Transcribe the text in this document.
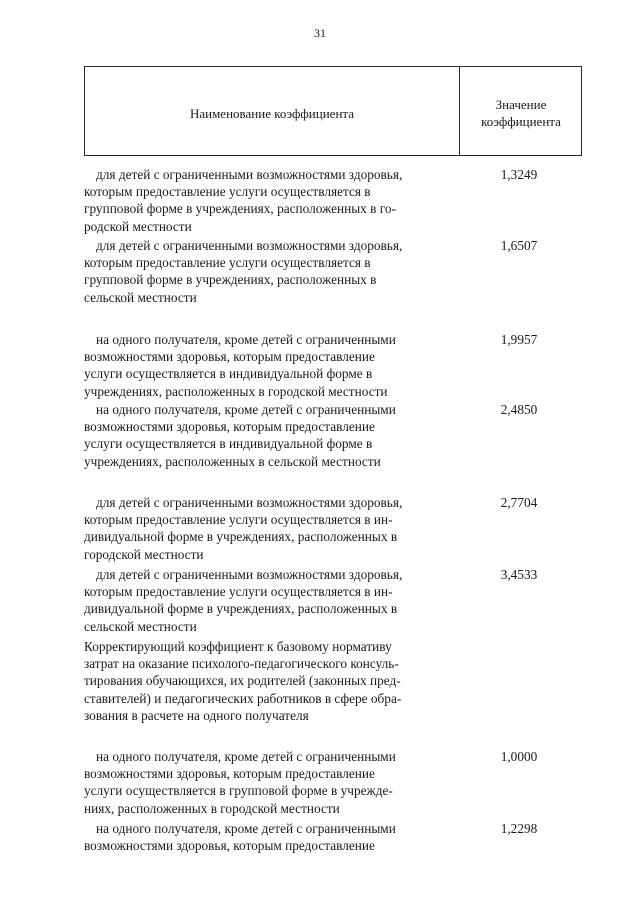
31
Наименование коэффициента
Значение
коэффициента
для детей с ограниченными возможностями здоровья,
которым предоставление услуги осуществляется в
групповой форме в учреждениях, расположенных в го-
родской местности
1,3249
для детей с ограниченными возможностями здоровья,
которым предоставление услуги осуществляется в
групповой форме в учреждениях, расположенных в
сельской местности
1,6507
на одного получателя, кроме детей с ограниченными
возможностями здоровья, которым предоставление
услуги осуществляется в индивидуальной форме в
учреждениях, расположенных в городской местности
1,9957
на одного получателя, кроме детей с ограниченными
возможностями здоровья, которым предоставление
услуги осуществляется в индивидуальной форме в
учреждениях, расположенных в сельской местности
2,4850
для детей с ограниченными возможностями здоровья,
которым предоставление услуги осуществляется в ин-
дивидуальной форме в учреждениях, расположенных в
городской местности
2,7704
для детей с ограниченными возможностями здоровья,
которым предоставление услуги осуществляется в ин-
дивидуальной форме в учреждениях, расположенных в
сельской местности
3,4533
Корректирующий коэффициент к базовому нормативу
затрат на оказание психолого-педагогического консуль-
тирования обучающихся, их родителей (законных пред-
ставителей) и педагогических работников в сфере обра-
зования в расчете на одного получателя
на одного получателя, кроме детей с ограниченными
возможностями здоровья, которым предоставление
услуги осуществляется в групповой форме в учрежде-
ниях, расположенных в городской местности
1,0000
на одного получателя, кроме детей с ограниченными
возможностями здоровья, которым предоставление
1,2298
